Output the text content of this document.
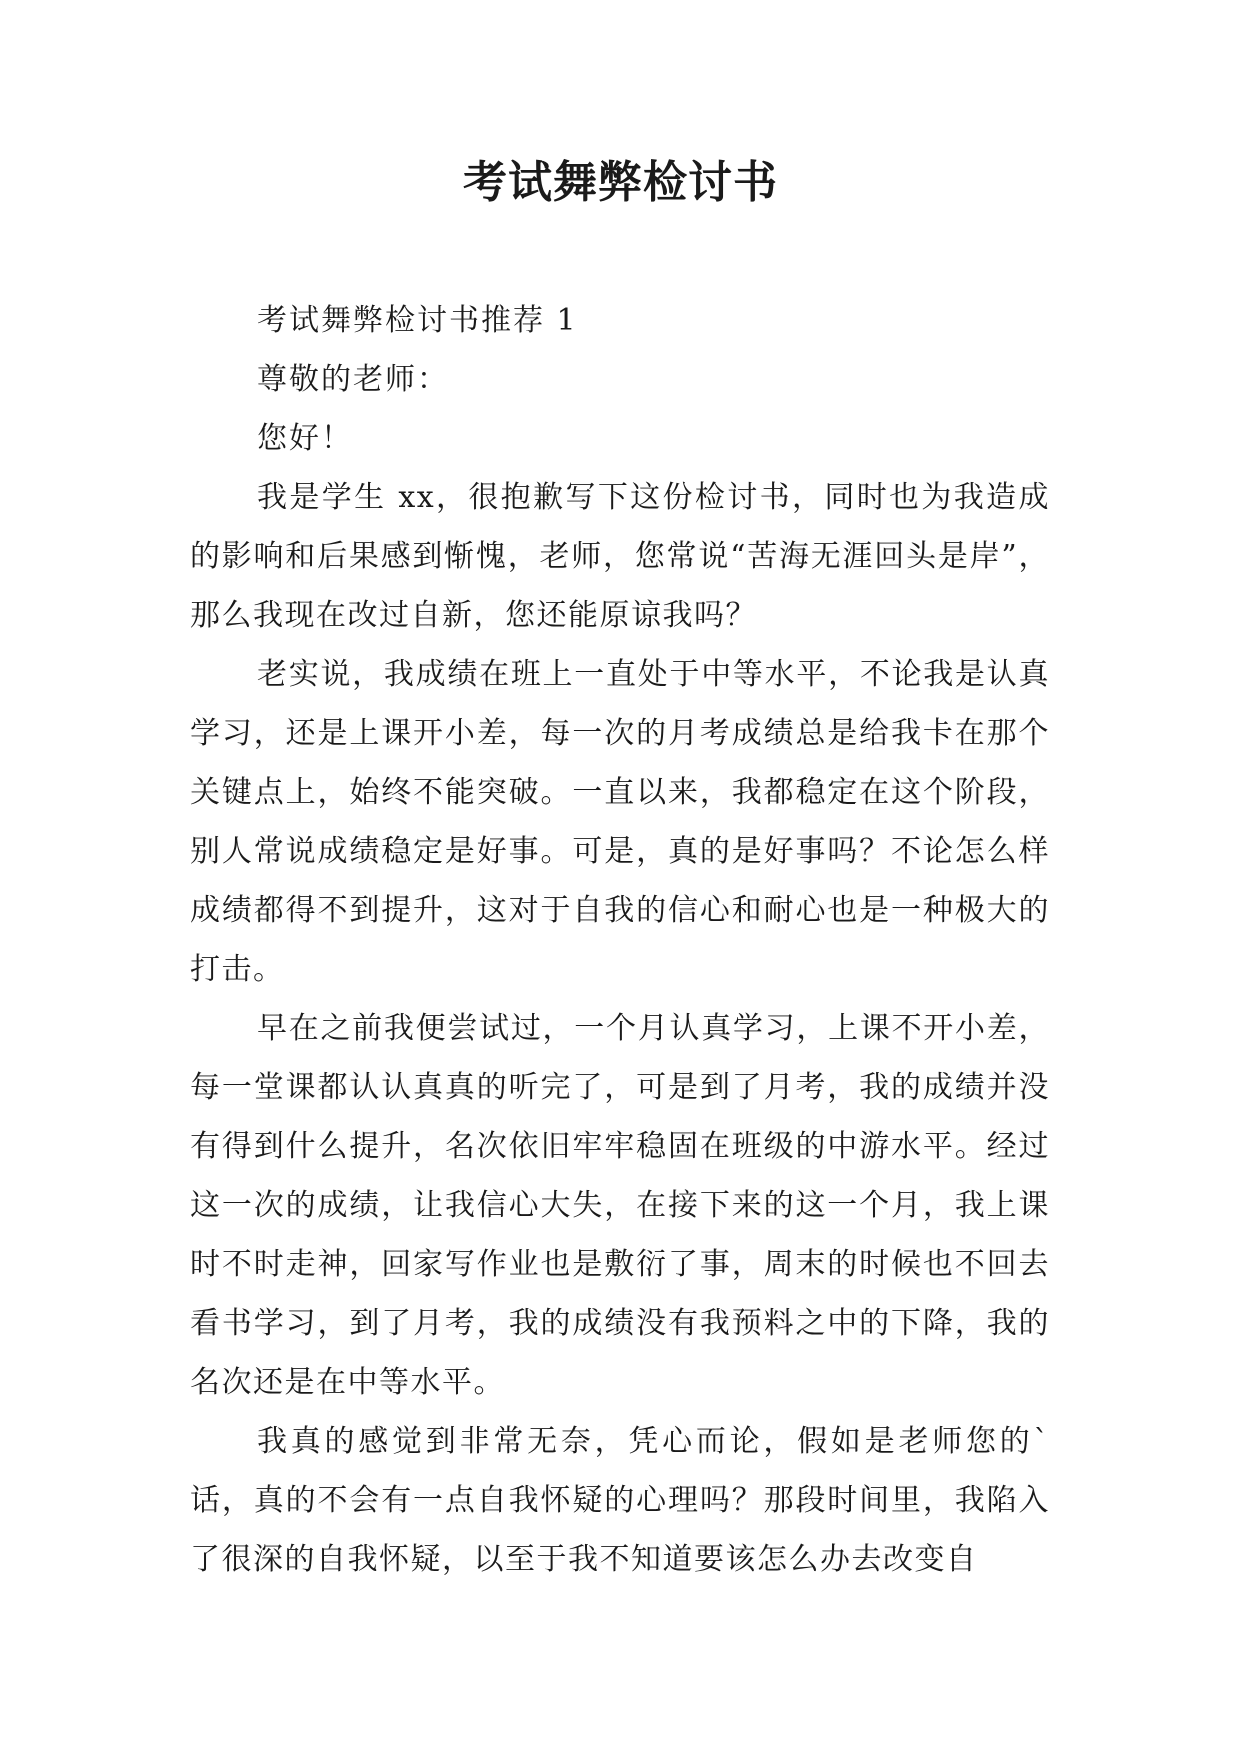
考试舞弊检讨书

考试舞弊检讨书推荐 1

尊敬的老师：

您好！

我是学生 xx，很抱歉写下这份检讨书，同时也为我造成的影响和后果感到惭愧，老师，您常说“苦海无涯回头是岸”，那么我现在改过自新，您还能原谅我吗？

老实说，我成绩在班上一直处于中等水平，不论我是认真学习，还是上课开小差，每一次的月考成绩总是给我卡在那个关键点上，始终不能突破。一直以来，我都稳定在这个阶段，别人常说成绩稳定是好事。可是，真的是好事吗？不论怎么样成绩都得不到提升，这对于自我的信心和耐心也是一种极大的打击。

早在之前我便尝试过，一个月认真学习，上课不开小差，每一堂课都认认真真的听完了，可是到了月考，我的成绩并没有得到什么提升，名次依旧牢牢稳固在班级的中游水平。经过这一次的成绩，让我信心大失，在接下来的这一个月，我上课时不时走神，回家写作业也是敷衍了事，周末的时候也不回去看书学习，到了月考，我的成绩没有我预料之中的下降，我的名次还是在中等水平。

我真的感觉到非常无奈，凭心而论，假如是老师您的`话，真的不会有一点自我怀疑的心理吗？那段时间里，我陷入了很深的自我怀疑，以至于我不知道要该怎么办去改变自
